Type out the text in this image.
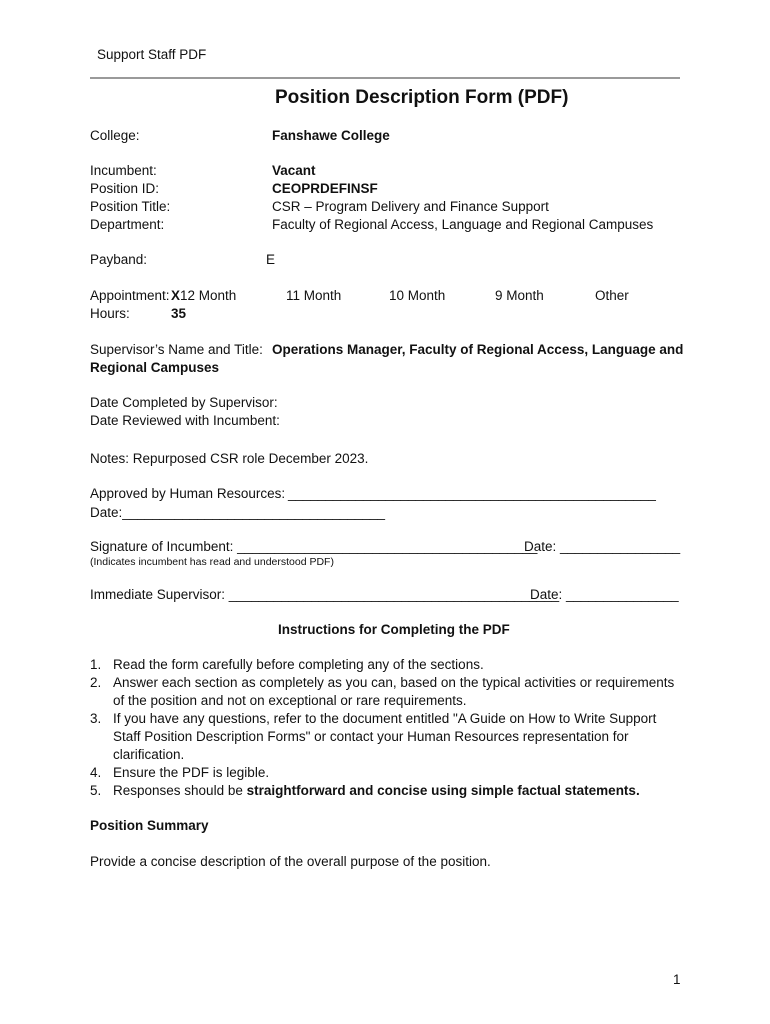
Support Staff PDF
Position Description Form (PDF)
College:	Fanshawe College
Incumbent:	Vacant
Position ID:	CEOPRDEFINSF
Position Title:	CSR – Program Delivery and Finance Support
Department:	Faculty of Regional Access, Language and Regional Campuses
Payband:	E
Appointment: X 12 Month	11 Month	10 Month	9 Month	Other
Hours:	35
Supervisor’s Name and Title: Operations Manager, Faculty of Regional Access, Language and
Regional Campuses
Date Completed by Supervisor:
Date Reviewed with Incumbent:
Notes: Repurposed CSR role December 2023.
Approved by Human Resources: _________________________________________________
Date:___________________________________
Signature of Incumbent: ________________________________________
Date: ________________
(Indicates incumbent has read and understood PDF)
Immediate Supervisor: ____________________________________________
Date: _______________
Instructions for Completing the PDF
1. Read the form carefully before completing any of the sections.
2. Answer each section as completely as you can, based on the typical activities or requirements of the position and not on exceptional or rare requirements.
3. If you have any questions, refer to the document entitled "A Guide on How to Write Support Staff Position Description Forms" or contact your Human Resources representation for clarification.
4. Ensure the PDF is legible.
5. Responses should be straightforward and concise using simple factual statements.
Position Summary
Provide a concise description of the overall purpose of the position.
1
